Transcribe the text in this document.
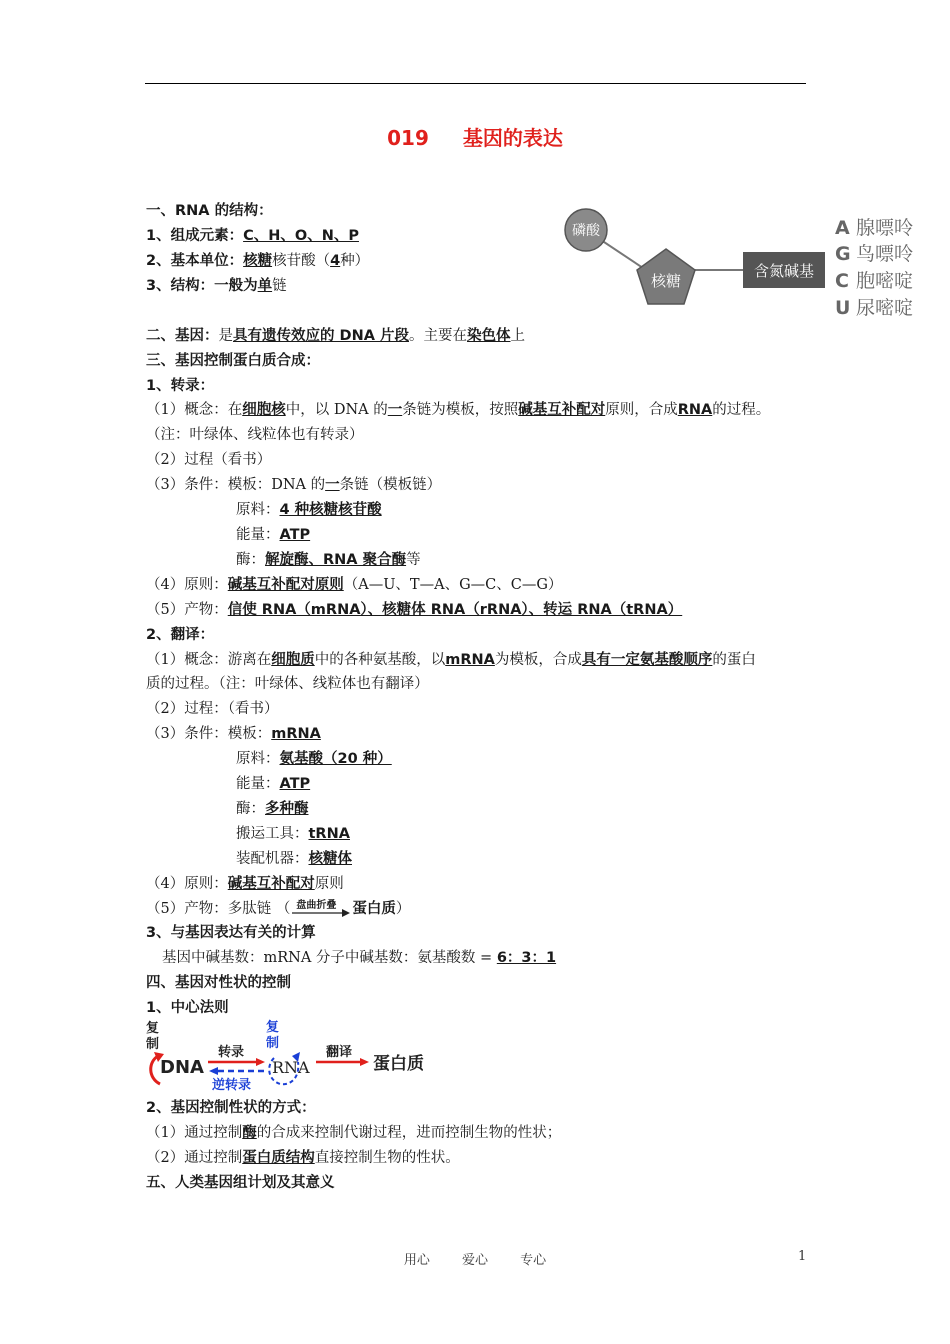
019 基因的表达
磷酸
核糖
含氮碱基
A 腺嘌呤
G 鸟嘌呤
C 胞嘧啶
U 尿嘧啶
一、RNA 的结构：
1、组成元素：C、H、O、N、P
2、基本单位：核糖核苷酸（4种）
3、结构：一般为单链
二、基因：是具有遗传效应的 DNA 片段。主要在染色体上
三、基因控制蛋白质合成：
1、转录：
（1）概念：在细胞核中，以 DNA 的一条链为模板，按照碱基互补配对原则，合成RNA的过程。
（注：叶绿体、线粒体也有转录）
（2）过程（看书）
（3）条件：模板：DNA 的一条链（模板链）
原料：4 种核糖核苷酸
能量：ATP
酶：解旋酶、RNA 聚合酶等
（4）原则：碱基互补配对原则（A—U、T—A、G—C、C—G）
（5）产物：信使 RNA（mRNA）、核糖体 RNA（rRNA）、转运 RNA（tRNA）
2、翻译：
（1）概念：游离在细胞质中的各种氨基酸，以mRNA为模板，合成具有一定氨基酸顺序的蛋白
质的过程。（注：叶绿体、线粒体也有翻译）
（2）过程：（看书）
（3）条件：模板：mRNA
原料：氨基酸（20 种）
能量：ATP
酶：多种酶
搬运工具：tRNA
装配机器：核糖体
（4）原则：碱基互补配对原则
（5）产物：多肽链 （ 盘曲折叠 蛋白质）
3、与基因表达有关的计算
基因中碱基数：mRNA 分子中碱基数：氨基酸数 = 6：3：1
四、基因对性状的控制
1、中心法则
复
制
DNA
转录
逆转录
复
制
RNA
翻译
蛋白质
2、基因控制性状的方式：
（1）通过控制酶的合成来控制代谢过程，进而控制生物的性状；
（2）通过控制蛋白质结构直接控制生物的性状。
五、人类基因组计划及其意义
用心 爱心 专心	1
